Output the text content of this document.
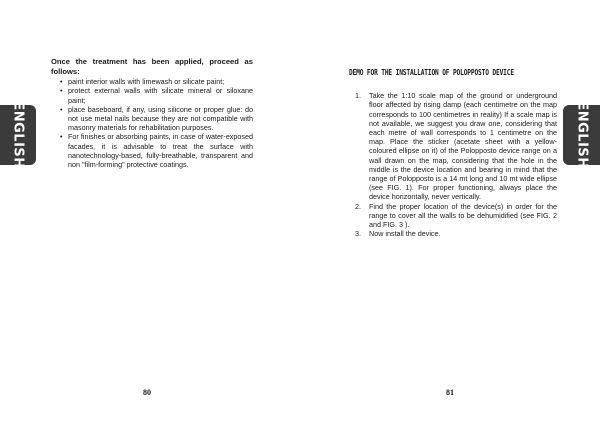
ENGLISH

Once the treatment has been applied, proceed as follows:

• paint interior walls with limewash or silicate paint;
• protect external walls with silicate mineral or siloxane paint;
• place baseboard, if any, using silicone or proper glue: do not use metal nails because they are not compatible with masonry materials for rehabilitation purposes.
• For finishes or absorbing paints, in case of water-exposed facades, it is advisable to treat the surface with nanotechnology-based, fully-breathable, transparent and non "film-forming" protective coatings.
80
ENGLISH
DEMO FOR THE INSTALLATION OF POLOPPOSTO DEVICE
1. Take the 1:10 scale map of the ground or underground floor affected by rising damp (each centimetre on the map corresponds to 100 centimetres in reality) If a scale map is not available, we suggest you draw one, considering that each metre of wall corresponds to 1 centimetre on the map. Place the sticker (acetate sheet with a yellow-coloured ellipse on it) of the Polopposto device range on a wall drawn on the map, considering that the hole in the middle is the device location and bearing in mind that the range of Polopposto is a 14 mt long and 10 mt wide ellipse (see FIG. 1). For proper functioning, always place the device horizontally, never vertically.
2. Find the proper location of the device(s) in order for the range to cover all the walls to be dehumidified (see FIG. 2 and FIG. 3 ).
3. Now install the device.
81
